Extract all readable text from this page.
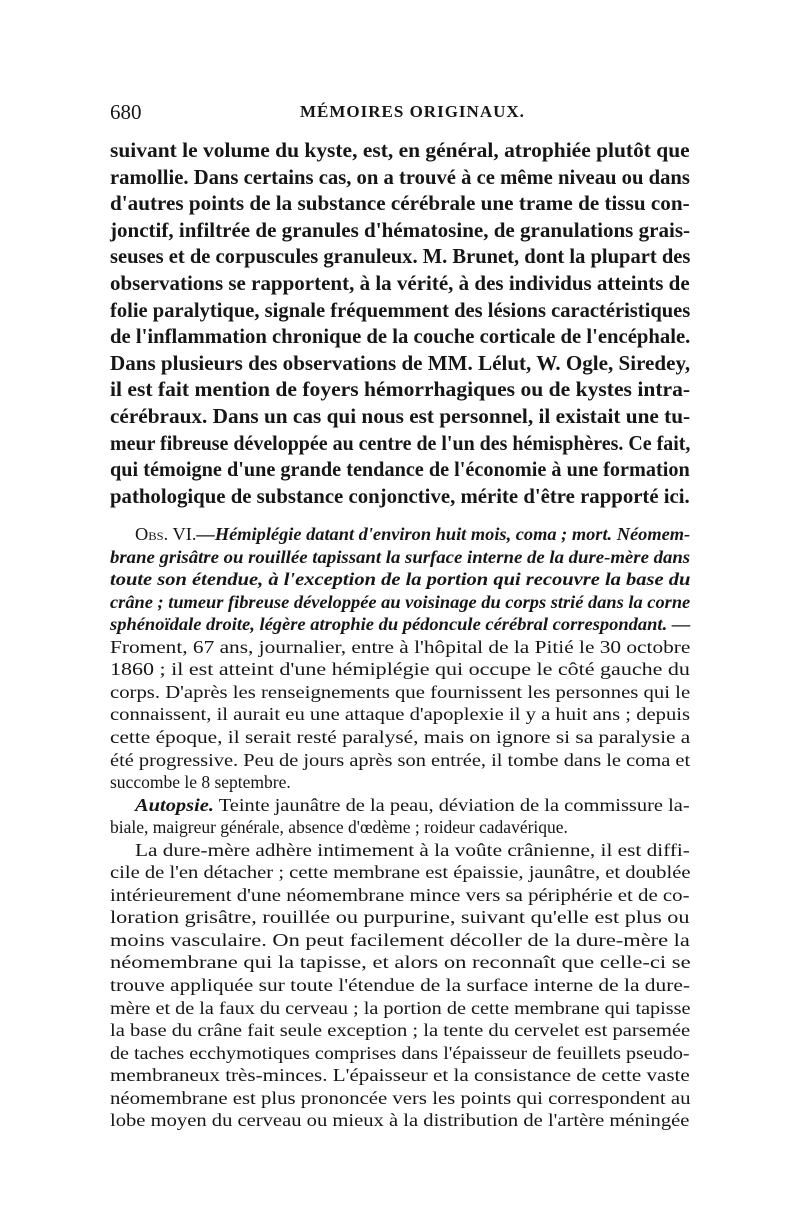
680	MÉMOIRES ORIGINAUX.

suivant le volume du kyste, est, en général, atrophiée plutôt que

ramollie. Dans certains cas, on a trouvé à ce même niveau ou dans

d'autres points de la substance cérébrale une trame de tissu con-

jonctif, infiltrée de granules d'hématosine, de granulations grais-

seuses et de corpuscules granuleux. M. Brunet, dont la plupart des

observations se rapportent, à la vérité, à des individus atteints de

folie paralytique, signale fréquemment des lésions caractéristiques

de l'inflammation chronique de la couche corticale de l'encéphale.

Dans plusieurs des observations de MM. Lélut, W. Ogle, Siredey,

il est fait mention de foyers hémorrhagiques ou de kystes intra-

cérébraux. Dans un cas qui nous est personnel, il existait une tu-

meur fibreuse développée au centre de l'un des hémisphères. Ce fait,

qui témoigne d'une grande tendance de l'économie à une formation

pathologique de substance conjonctive, mérite d'être rapporté ici.

Obs. VI.—Hémiplégie datant d'environ huit mois, coma ; mort. Néomem-

brane grisâtre ou rouillée tapissant la surface interne de la dure-mère dans

toute son étendue, à l'exception de la portion qui recouvre la base du

crâne ; tumeur fibreuse développée au voisinage du corps strié dans la corne

sphénoïdale droite, légère atrophie du pédoncule cérébral correspondant. —

Froment, 67 ans, journalier, entre à l'hôpital de la Pitié le 30 octobre

1860 ; il est atteint d'une hémiplégie qui occupe le côté gauche du

corps. D'après les renseignements que fournissent les personnes qui le

connaissent, il aurait eu une attaque d'apoplexie il y a huit ans ; depuis

cette époque, il serait resté paralysé, mais on ignore si sa paralysie a

été progressive. Peu de jours après son entrée, il tombe dans le coma et

succombe le 8 septembre.

Autopsie. Teinte jaunâtre de la peau, déviation de la commissure la-

biale, maigreur générale, absence d'œdème ; roideur cadavérique.

La dure-mère adhère intimement à la voûte crânienne, il est diffi-

cile de l'en détacher ; cette membrane est épaissie, jaunâtre, et doublée

intérieurement d'une néomembrane mince vers sa périphérie et de co-

loration grisâtre, rouillée ou purpurine, suivant qu'elle est plus ou

moins vasculaire. On peut facilement décoller de la dure-mère la

néomembrane qui la tapisse, et alors on reconnaît que celle-ci se

trouve appliquée sur toute l'étendue de la surface interne de la dure-

mère et de la faux du cerveau ; la portion de cette membrane qui tapisse

la base du crâne fait seule exception ; la tente du cervelet est parsemée

de taches ecchymotiques comprises dans l'épaisseur de feuillets pseudo-

membraneux très-minces. L'épaisseur et la consistance de cette vaste

néomembrane est plus prononcée vers les points qui correspondent au

lobe moyen du cerveau ou mieux à la distribution de l'artère méningée
